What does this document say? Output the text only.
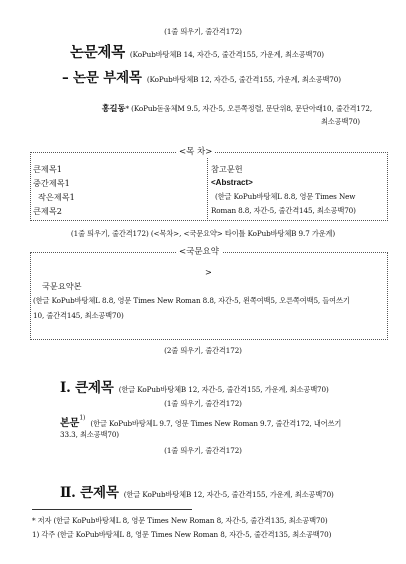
(1줄 띄우기, 줄간격172)
논문제목 (KoPub바탕체B 14, 자간-5, 줄간격155, 가운계, 최소공백70)
– 논문 부제목 (KoPub바탕체B 12, 자간-5, 줄간격155, 가운계, 최소공백70)
홍길동* (KoPub돋움체M 9.5, 자간-5, 오른쪽정렬, 문단위8, 문단아래10, 줄간격172,
최소공백70)
<목 차>
큰제목1
중간제목1
작은제목1
큰제목2
참고문헌
<Abstract>
(한글 KoPub바탕체L 8.8, 영문 Times New
Roman 8.8, 자간-5, 줄간격145, 최소공백70)
(1줄 띄우기, 줄간격172) (<목차>, <국문요약> 타이틀 KoPub바탕체B 9.7 가운계)
<국문요약
>
국문요약본
(한글 KoPub바탕체L 8.8, 영문 Times New Roman 8.8, 자간-5, 왼쪽여백5, 오른쪽여백5, 들여쓰기
10, 줄간격145, 최소공백70)
(2줄 띄우기, 줄간격172)
Ⅰ. 큰제목 (한글 KoPub바탕체B 12, 자간-5, 줄간격155, 가운계, 최소공백70)
(1줄 띄우기, 줄간격172)
본문$^{1)}$ (한글 KoPub바탕체L 9.7, 영문 Times New Roman 9.7, 줄간격172, 내어쓰기
33.3, 최소공백70)
(1줄 띄우기, 줄간격172)
Ⅱ. 큰제목 (한글 KoPub바탕체B 12, 자간-5, 줄간격155, 가운계, 최소공백70)
* 저자 (한글 KoPub바탕체L 8, 영문 Times New Roman 8, 자간-5, 줄간격135, 최소공백70)
1) 각주 (한글 KoPub바탕체L 8, 영문 Times New Roman 8, 자간-5, 줄간격135, 최소공백70)
